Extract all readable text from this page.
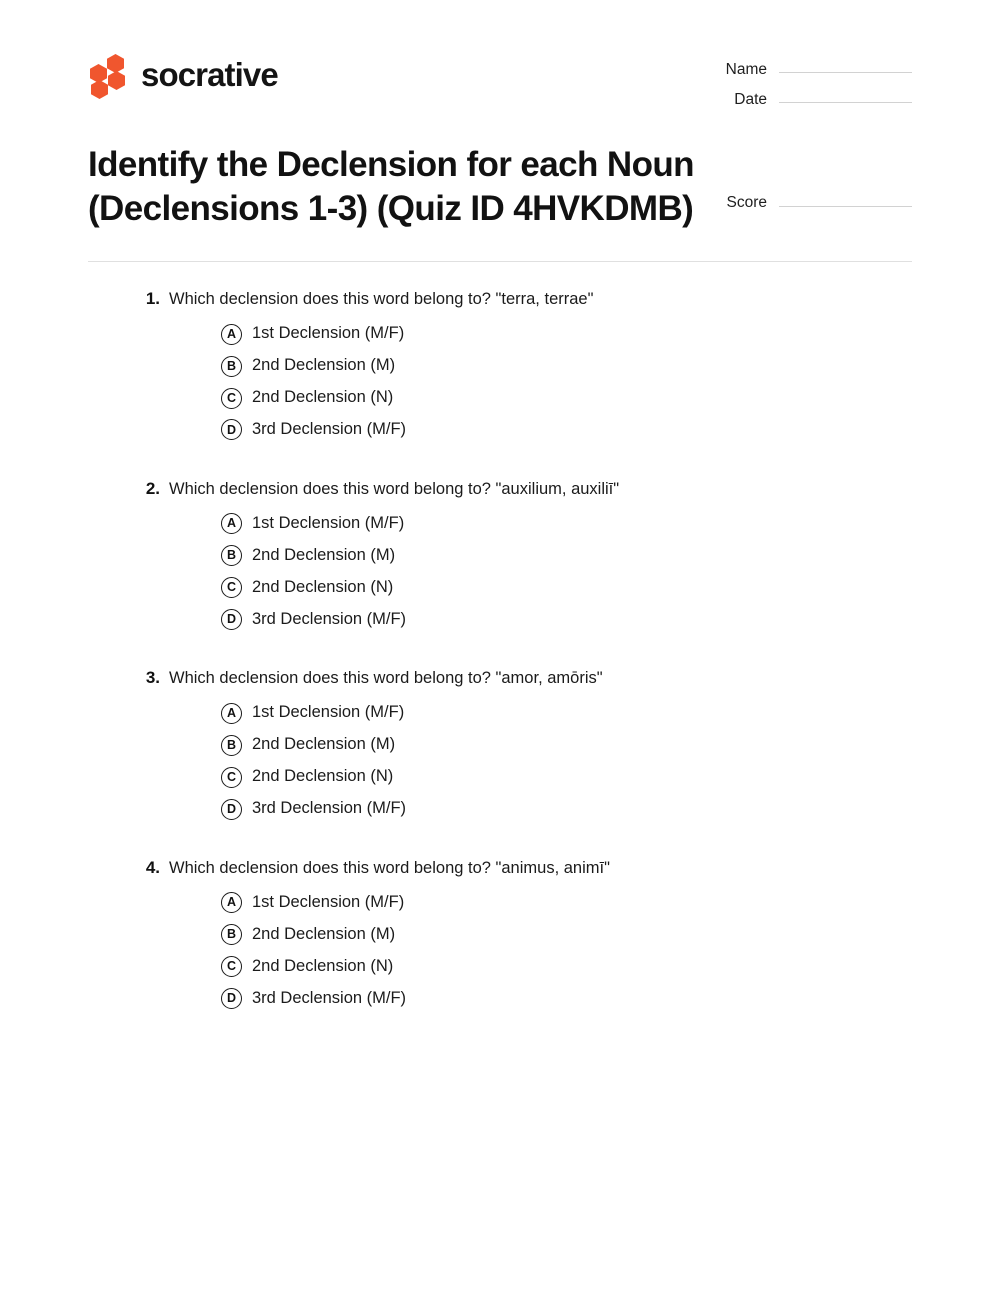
socrative	Name
Date
Identify the Declension for each Noun (Declensions 1-3) (Quiz ID 4HVKDMB)	Score
1. Which declension does this word belong to? "terra, terrae"
A 1st Declension (M/F)
B 2nd Declension (M)
C 2nd Declension (N)
D 3rd Declension (M/F)
2. Which declension does this word belong to? "auxilium, auxiliī"
A 1st Declension (M/F)
B 2nd Declension (M)
C 2nd Declension (N)
D 3rd Declension (M/F)
3. Which declension does this word belong to? "amor, amōris"
A 1st Declension (M/F)
B 2nd Declension (M)
C 2nd Declension (N)
D 3rd Declension (M/F)
4. Which declension does this word belong to? "animus, animī"
A 1st Declension (M/F)
B 2nd Declension (M)
C 2nd Declension (N)
D 3rd Declension (M/F)
